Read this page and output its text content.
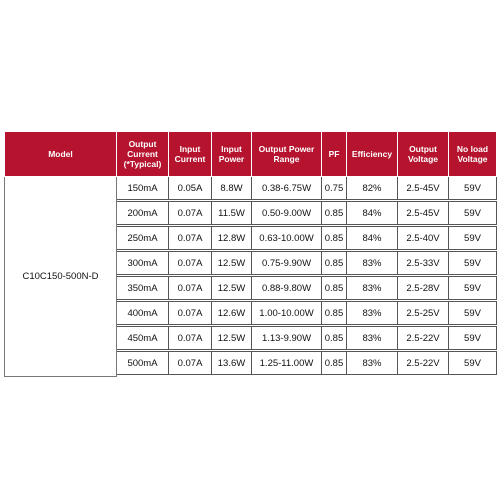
Model	Output Current (*Typical)	Input Current	Input Power	Output Power Range	PF	Efficiency	Output Voltage	No load Voltage
C10C150-500N-D	150mA	0.05A	8.8W	0.38-6.75W	0.75	82%	2.5-45V	59V

	200mA	0.07A	11.5W	0.50-9.00W	0.85	84%	2.5-45V	59V

	250mA	0.07A	12.8W	0.63-10.00W	0.85	84%	2.5-40V	59V

	300mA	0.07A	12.5W	0.75-9.90W	0.85	83%	2.5-33V	59V

	350mA	0.07A	12.5W	0.88-9.80W	0.85	83%	2.5-28V	59V

	400mA	0.07A	12.6W	1.00-10.00W	0.85	83%	2.5-25V	59V

	450mA	0.07A	12.5W	1.13-9.90W	0.85	83%	2.5-22V	59V

	500mA	0.07A	13.6W	1.25-11.00W	0.85	83%	2.5-22V	59V
